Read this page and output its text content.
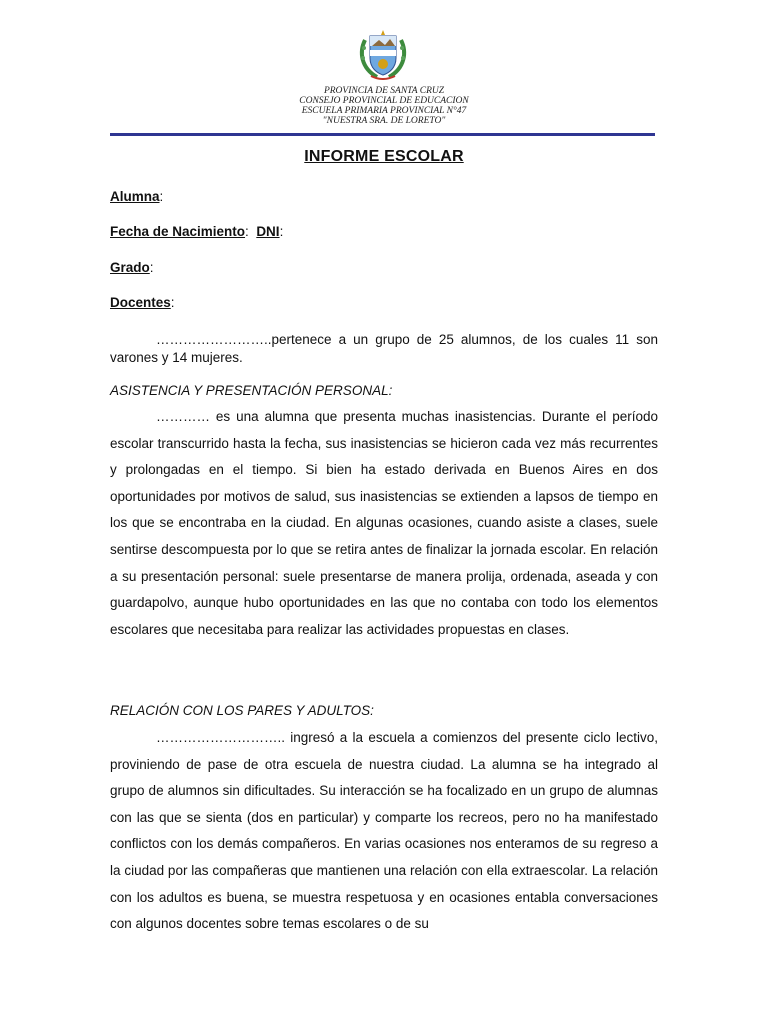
PROVINCIA DE SANTA CRUZ
CONSEJO PROVINCIAL DE EDUCACION
ESCUELA PRIMARIA PROVINCIAL N°47
"NUESTRA SRA. DE LORETO"
INFORME ESCOLAR
Alumna:
Fecha de Nacimiento:  DNI:
Grado:
Docentes:
……………………..pertenece a un grupo de 25 alumnos, de los cuales 11 son varones y 14 mujeres.
ASISTENCIA Y PRESENTACIÓN PERSONAL:
………… es una alumna que presenta muchas inasistencias. Durante el período escolar transcurrido hasta la fecha, sus inasistencias se hicieron cada vez más recurrentes y prolongadas en el tiempo. Si bien ha estado derivada en Buenos Aires en dos oportunidades por motivos de salud, sus inasistencias se extienden a lapsos de tiempo en los que se encontraba en la ciudad. En algunas ocasiones, cuando asiste a clases, suele sentirse descompuesta por lo que se retira antes de finalizar la jornada escolar. En relación a su presentación personal: suele presentarse de manera prolija, ordenada, aseada y con guardapolvo, aunque hubo oportunidades en las que no contaba con todo los elementos escolares que necesitaba para realizar las actividades propuestas en clases.
RELACIÓN CON LOS PARES Y ADULTOS:
……………………….. ingresó a la escuela a comienzos del presente ciclo lectivo, proviniendo de pase de otra escuela de nuestra ciudad. La alumna se ha integrado al grupo de alumnos sin dificultades. Su interacción se ha focalizado en un grupo de alumnas con las que se sienta (dos en particular) y comparte los recreos, pero no ha manifestado conflictos con los demás compañeros. En varias ocasiones nos enteramos de su regreso a la ciudad por las compañeras que mantienen una relación con ella extraescolar. La relación con los adultos es buena, se muestra respetuosa y en ocasiones entabla conversaciones con algunos docentes sobre temas escolares o de su
